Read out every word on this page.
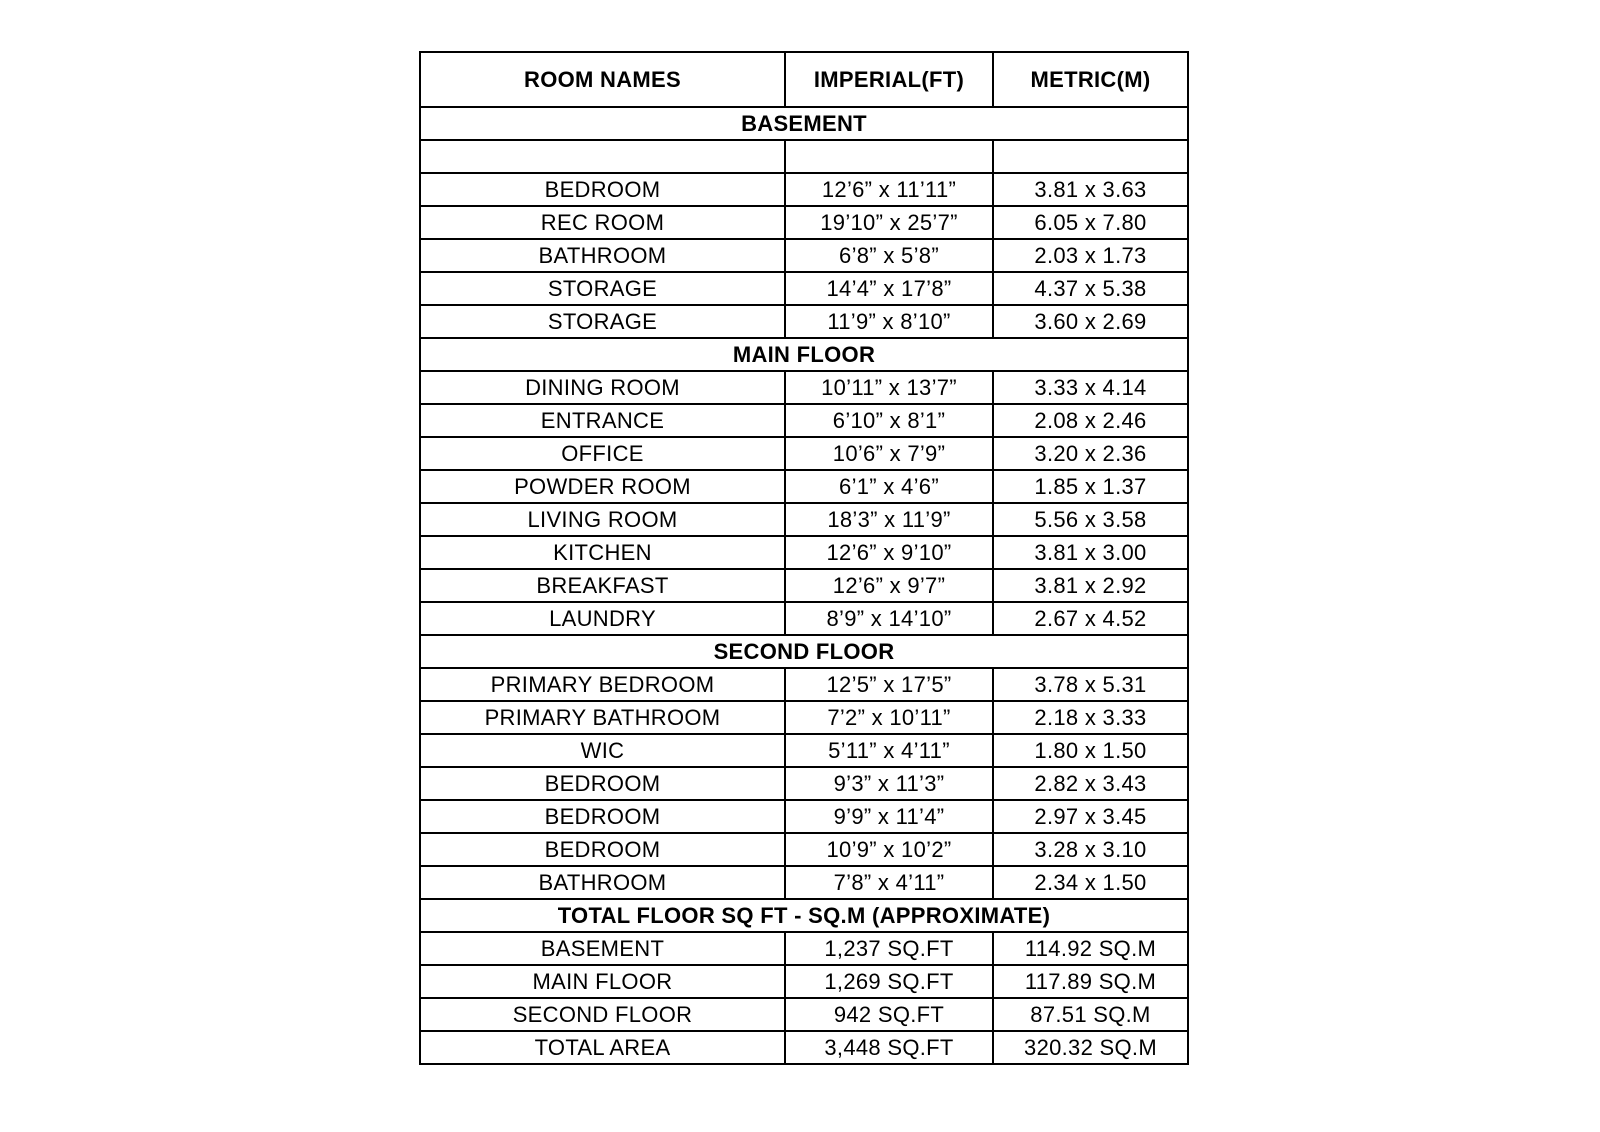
ROOM NAMES	IMPERIAL(FT)	METRIC(M)
BASEMENT		

BEDROOM	12’6” x 11’11”	3.81 x 3.63
REC ROOM	19’10” x 25’7”	6.05 x 7.80
BATHROOM	6’8” x 5’8”	2.03 x 1.73
STORAGE	14’4” x 17’8”	4.37 x 5.38
STORAGE	11’9” x 8’10”	3.60 x 2.69
MAIN FLOOR		
DINING ROOM	10’11” x 13’7”	3.33 x 4.14
ENTRANCE	6’10” x 8’1”	2.08 x 2.46
OFFICE	10’6” x 7’9”	3.20 x 2.36
POWDER ROOM	6’1” x 4’6”	1.85 x 1.37
LIVING ROOM	18’3” x 11’9”	5.56 x 3.58
KITCHEN	12’6” x 9’10”	3.81 x 3.00
BREAKFAST	12’6” x 9’7”	3.81 x 2.92
LAUNDRY	8’9” x 14’10”	2.67 x 4.52
SECOND FLOOR		
PRIMARY BEDROOM	12’5” x 17’5”	3.78 x 5.31
PRIMARY BATHROOM	7’2” x 10’11”	2.18 x 3.33
WIC	5’11” x 4’11”	1.80 x 1.50
BEDROOM	9’3” x 11’3”	2.82 x 3.43
BEDROOM	9’9” x 11’4”	2.97 x 3.45
BEDROOM	10’9” x 10’2”	3.28 x 3.10
BATHROOM	7’8” x 4’11”	2.34 x 1.50
TOTAL FLOOR SQ FT - SQ.M (APPROXIMATE)		
BASEMENT	1,237 SQ.FT	114.92 SQ.M
MAIN FLOOR	1,269 SQ.FT	117.89 SQ.M
SECOND FLOOR	942 SQ.FT	87.51 SQ.M
TOTAL AREA	3,448 SQ.FT	320.32 SQ.M
